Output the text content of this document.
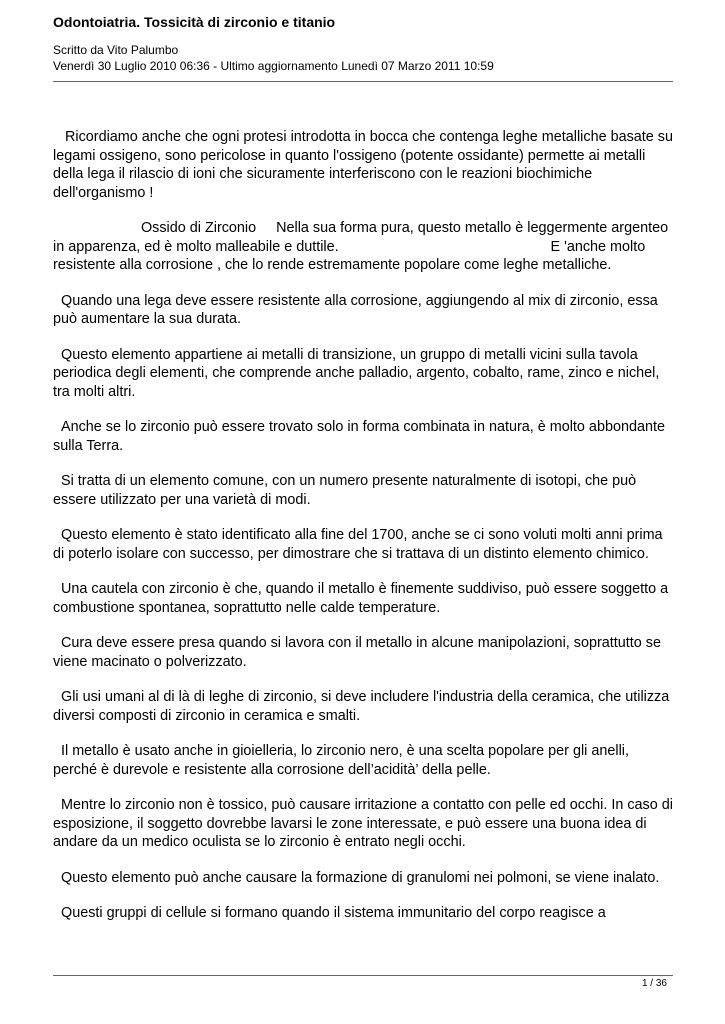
Odontoiatria. Tossicità di zirconio e titanio

Scritto da Vito Palumbo

Venerdì 30 Luglio 2010 06:36 - Ultimo aggiornamento Lunedì 07 Marzo 2011 10:59

Ricordiamo anche che ogni protesi introdotta in bocca che contenga leghe metalliche basate su legami ossigeno, sono pericolose in quanto l'ossigeno (potente ossidante) permette ai metalli della lega il rilascio di ioni che sicuramente interferiscono con le reazioni biochimiche dell'organismo !

Ossido di Zirconio     Nella sua forma pura, questo metallo è leggermente argenteo in apparenza, ed è molto malleabile e duttile.                                                     E 'anche molto resistente alla corrosione , che lo rende estremamente popolare come leghe metalliche.

Quando una lega deve essere resistente alla corrosione, aggiungendo al mix di zirconio, essa può aumentare la sua durata.

Questo elemento appartiene ai metalli di transizione, un gruppo di metalli vicini sulla tavola periodica degli elementi, che comprende anche palladio, argento, cobalto, rame, zinco e nichel, tra molti altri.

Anche se lo zirconio può essere trovato solo in forma combinata in natura, è molto abbondante sulla Terra.

Si tratta di un elemento comune, con un numero presente naturalmente di isotopi, che può essere utilizzato per una varietà di modi.

Questo elemento è stato identificato alla fine del 1700, anche se ci sono voluti molti anni prima di poterlo isolare con successo, per dimostrare che si trattava di un distinto elemento chimico.

Una cautela con zirconio è che, quando il metallo è finemente suddiviso, può essere soggetto a combustione spontanea, soprattutto nelle calde temperature.

Cura deve essere presa quando si lavora con il metallo in alcune manipolazioni, soprattutto se viene macinato o polverizzato.

Gli usi umani al di là di leghe di zirconio, si deve includere l'industria della ceramica, che utilizza diversi composti di zirconio in ceramica e smalti.

Il metallo è usato anche in gioielleria, lo zirconio nero, è una scelta popolare per gli anelli, perché è durevole e resistente alla corrosione dell’acidità’ della pelle.

Mentre lo zirconio non è tossico, può causare irritazione a contatto con pelle ed occhi. In caso di esposizione, il soggetto dovrebbe lavarsi le zone interessate, e può essere una buona idea di andare da un medico oculista se lo zirconio è entrato negli occhi.

Questo elemento può anche causare la formazione di granulomi nei polmoni, se viene inalato.

Questi gruppi di cellule si formano quando il sistema immunitario del corpo reagisce a

1 / 36
